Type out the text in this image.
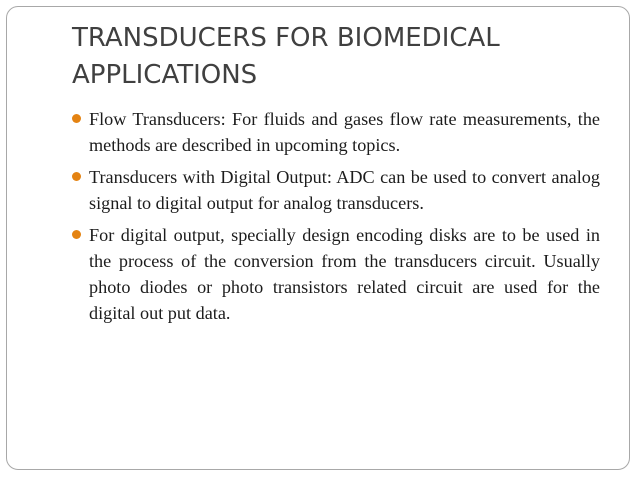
TRANSDUCERS FOR BIOMEDICAL APPLICATIONS
Flow Transducers: For fluids and gases flow rate measurements, the methods are described in upcoming topics.
Transducers with Digital Output: ADC can be used to convert analog signal to digital output for analog transducers.
For digital output, specially design encoding disks are to be used in the process of the conversion from the transducers circuit. Usually photo diodes or photo transistors related circuit are used for the digital out put data.
